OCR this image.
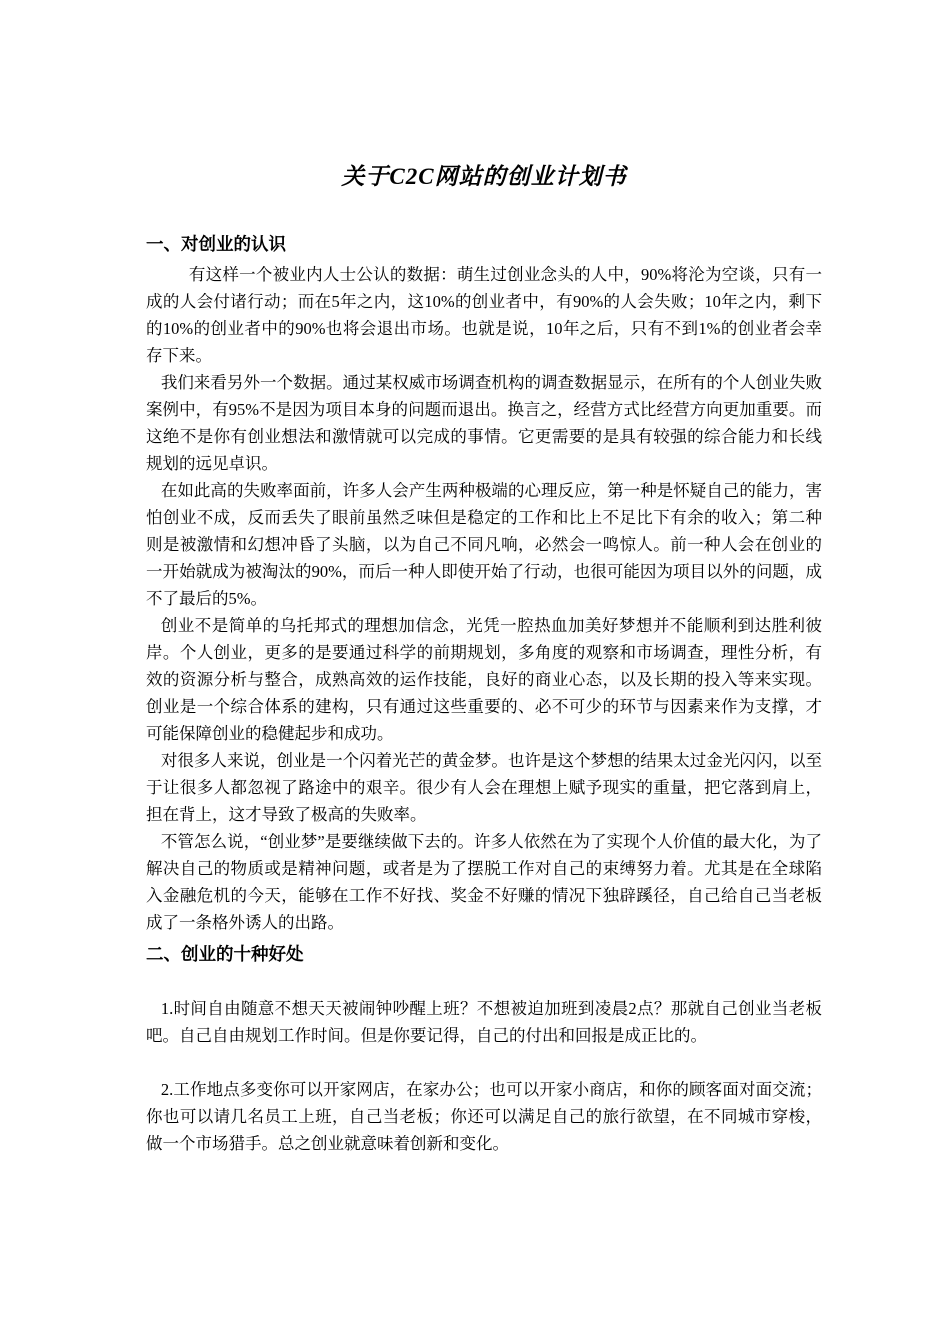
关于C2C网站的创业计划书
一、对创业的认识

有这样一个被业内人士公认的数据：萌生过创业念头的人中，90%将沦为空谈，只有一成的人会付诸行动；而在5年之内，这10%的创业者中，有90%的人会失败；10年之内，剩下的10%的创业者中的90%也将会退出市场。也就是说，10年之后，只有不到1%的创业者会幸存下来。

我们来看另外一个数据。通过某权威市场调查机构的调查数据显示，在所有的个人创业失败案例中，有95%不是因为项目本身的问题而退出。换言之，经营方式比经营方向更加重要。而这绝不是你有创业想法和激情就可以完成的事情。它更需要的是具有较强的综合能力和长线规划的远见卓识。

在如此高的失败率面前，许多人会产生两种极端的心理反应，第一种是怀疑自己的能力，害怕创业不成，反而丢失了眼前虽然乏味但是稳定的工作和比上不足比下有余的收入；第二种则是被激情和幻想冲昏了头脑，以为自己不同凡响，必然会一鸣惊人。前一种人会在创业的一开始就成为被淘汰的90%，而后一种人即使开始了行动，也很可能因为项目以外的问题，成不了最后的5%。

创业不是简单的乌托邦式的理想加信念，光凭一腔热血加美好梦想并不能顺利到达胜利彼岸。个人创业，更多的是要通过科学的前期规划，多角度的观察和市场调查，理性分析，有效的资源分析与整合，成熟高效的运作技能，良好的商业心态，以及长期的投入等来实现。创业是一个综合体系的建构，只有通过这些重要的、必不可少的环节与因素来作为支撑，才可能保障创业的稳健起步和成功。

对很多人来说，创业是一个闪着光芒的黄金梦。也许是这个梦想的结果太过金光闪闪，以至于让很多人都忽视了路途中的艰辛。很少有人会在理想上赋予现实的重量，把它落到肩上，担在背上，这才导致了极高的失败率。

不管怎么说，“创业梦”是要继续做下去的。许多人依然在为了实现个人价值的最大化，为了解决自己的物质或是精神问题，或者是为了摆脱工作对自己的束缚努力着。尤其是在全球陷入金融危机的今天，能够在工作不好找、奖金不好赚的情况下独辟蹊径，自己给自己当老板成了一条格外诱人的出路。

二、创业的十种好处

1.时间自由随意不想天天被闹钟吵醒上班？不想被迫加班到凌晨2点？那就自己创业当老板吧。自己自由规划工作时间。但是你要记得，自己的付出和回报是成正比的。

2.工作地点多变你可以开家网店，在家办公；也可以开家小商店，和你的顾客面对面交流；你也可以请几名员工上班，自己当老板；你还可以满足自己的旅行欲望，在不同城市穿梭，做一个市场猎手。总之创业就意味着创新和变化。
